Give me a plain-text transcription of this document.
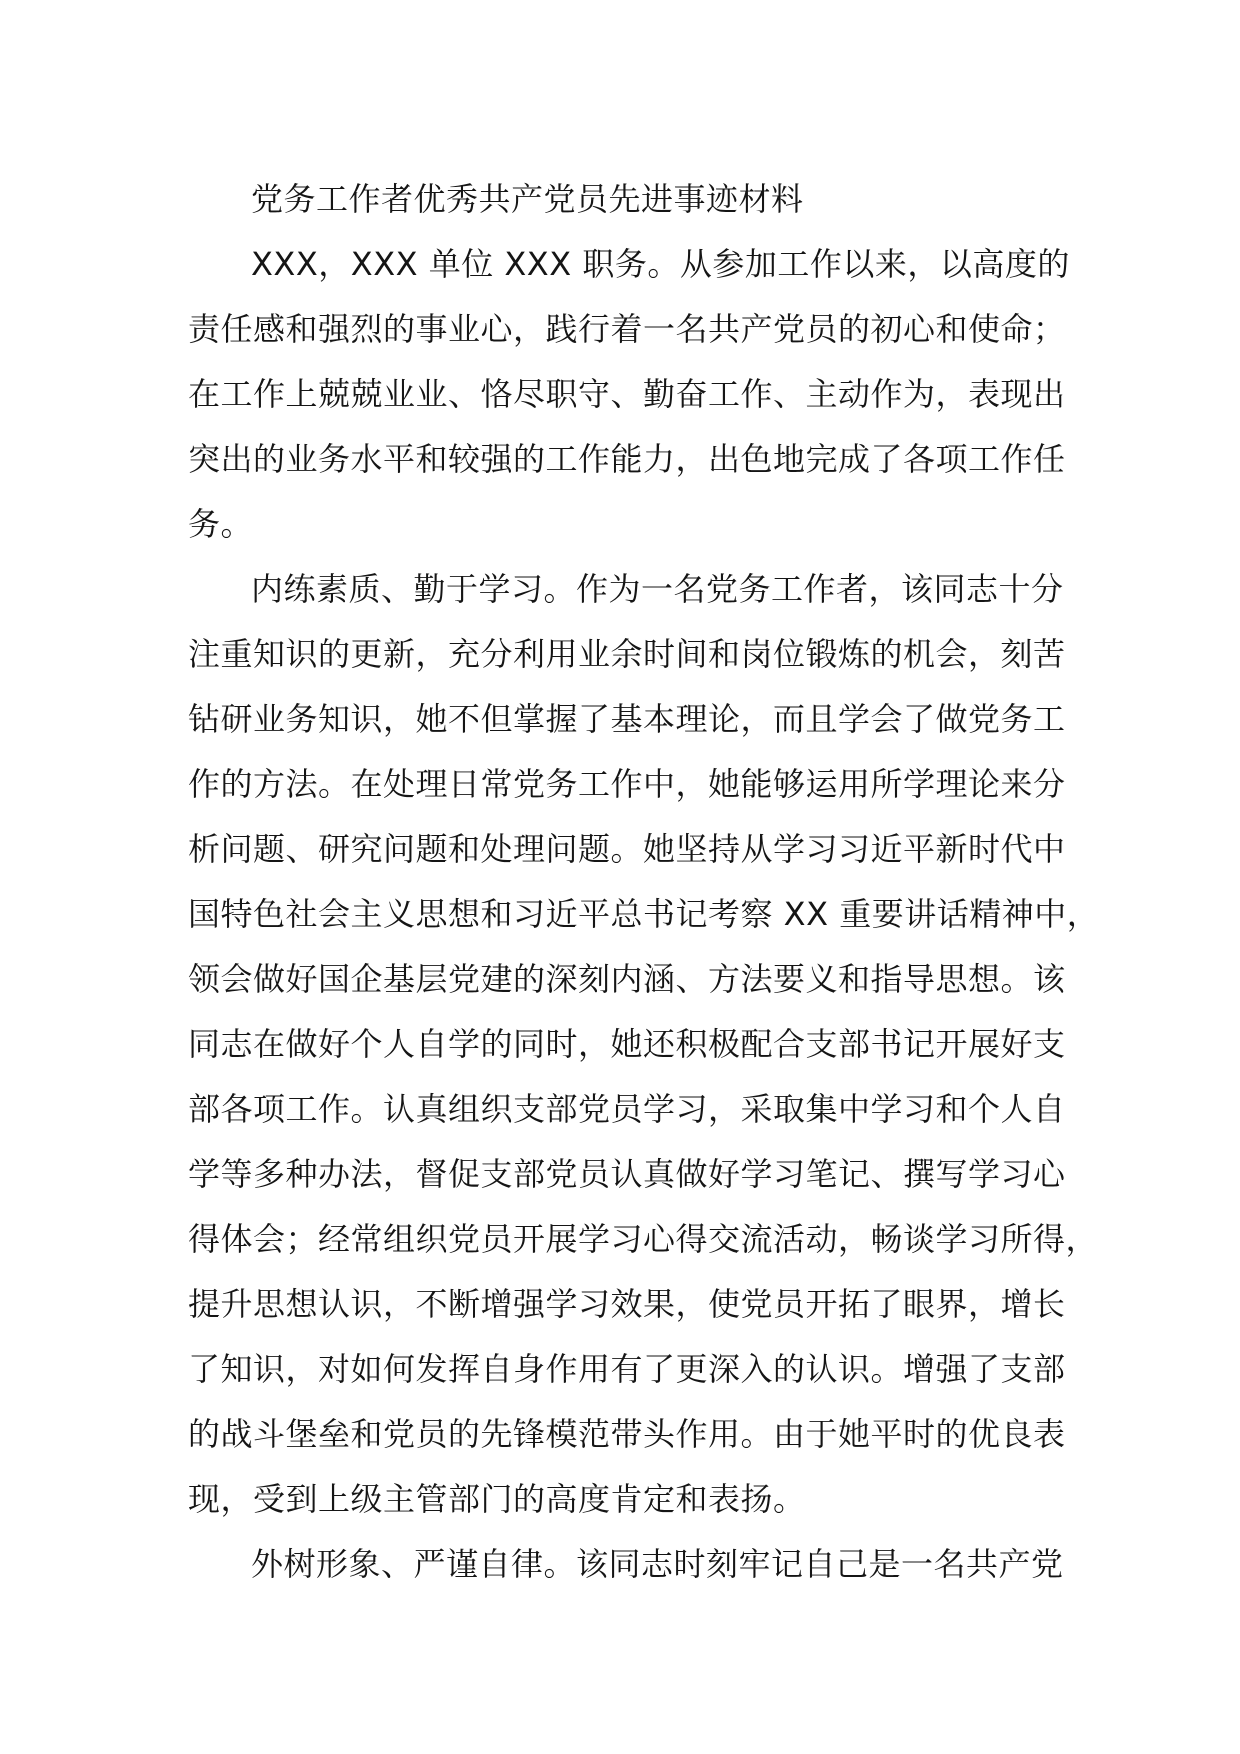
党务工作者优秀共产党员先进事迹材料
XXX，XXX 单位 XXX 职务。从参加工作以来，以高度的
责任感和强烈的事业心，践行着一名共产党员的初心和使命；
在工作上兢兢业业、恪尽职守、勤奋工作、主动作为，表现出
突出的业务水平和较强的工作能力，出色地完成了各项工作任
务。
内练素质、勤于学习。作为一名党务工作者，该同志十分
注重知识的更新，充分利用业余时间和岗位锻炼的机会，刻苦
钻研业务知识，她不但掌握了基本理论，而且学会了做党务工
作的方法。在处理日常党务工作中，她能够运用所学理论来分
析问题、研究问题和处理问题。她坚持从学习习近平新时代中
国特色社会主义思想和习近平总书记考察 XX 重要讲话精神中，
领会做好国企基层党建的深刻内涵、方法要义和指导思想。该
同志在做好个人自学的同时，她还积极配合支部书记开展好支
部各项工作。认真组织支部党员学习，采取集中学习和个人自
学等多种办法，督促支部党员认真做好学习笔记、撰写学习心
得体会；经常组织党员开展学习心得交流活动，畅谈学习所得，
提升思想认识，不断增强学习效果，使党员开拓了眼界，增长
了知识，对如何发挥自身作用有了更深入的认识。增强了支部
的战斗堡垒和党员的先锋模范带头作用。由于她平时的优良表
现，受到上级主管部门的高度肯定和表扬。
外树形象、严谨自律。该同志时刻牢记自己是一名共产党
